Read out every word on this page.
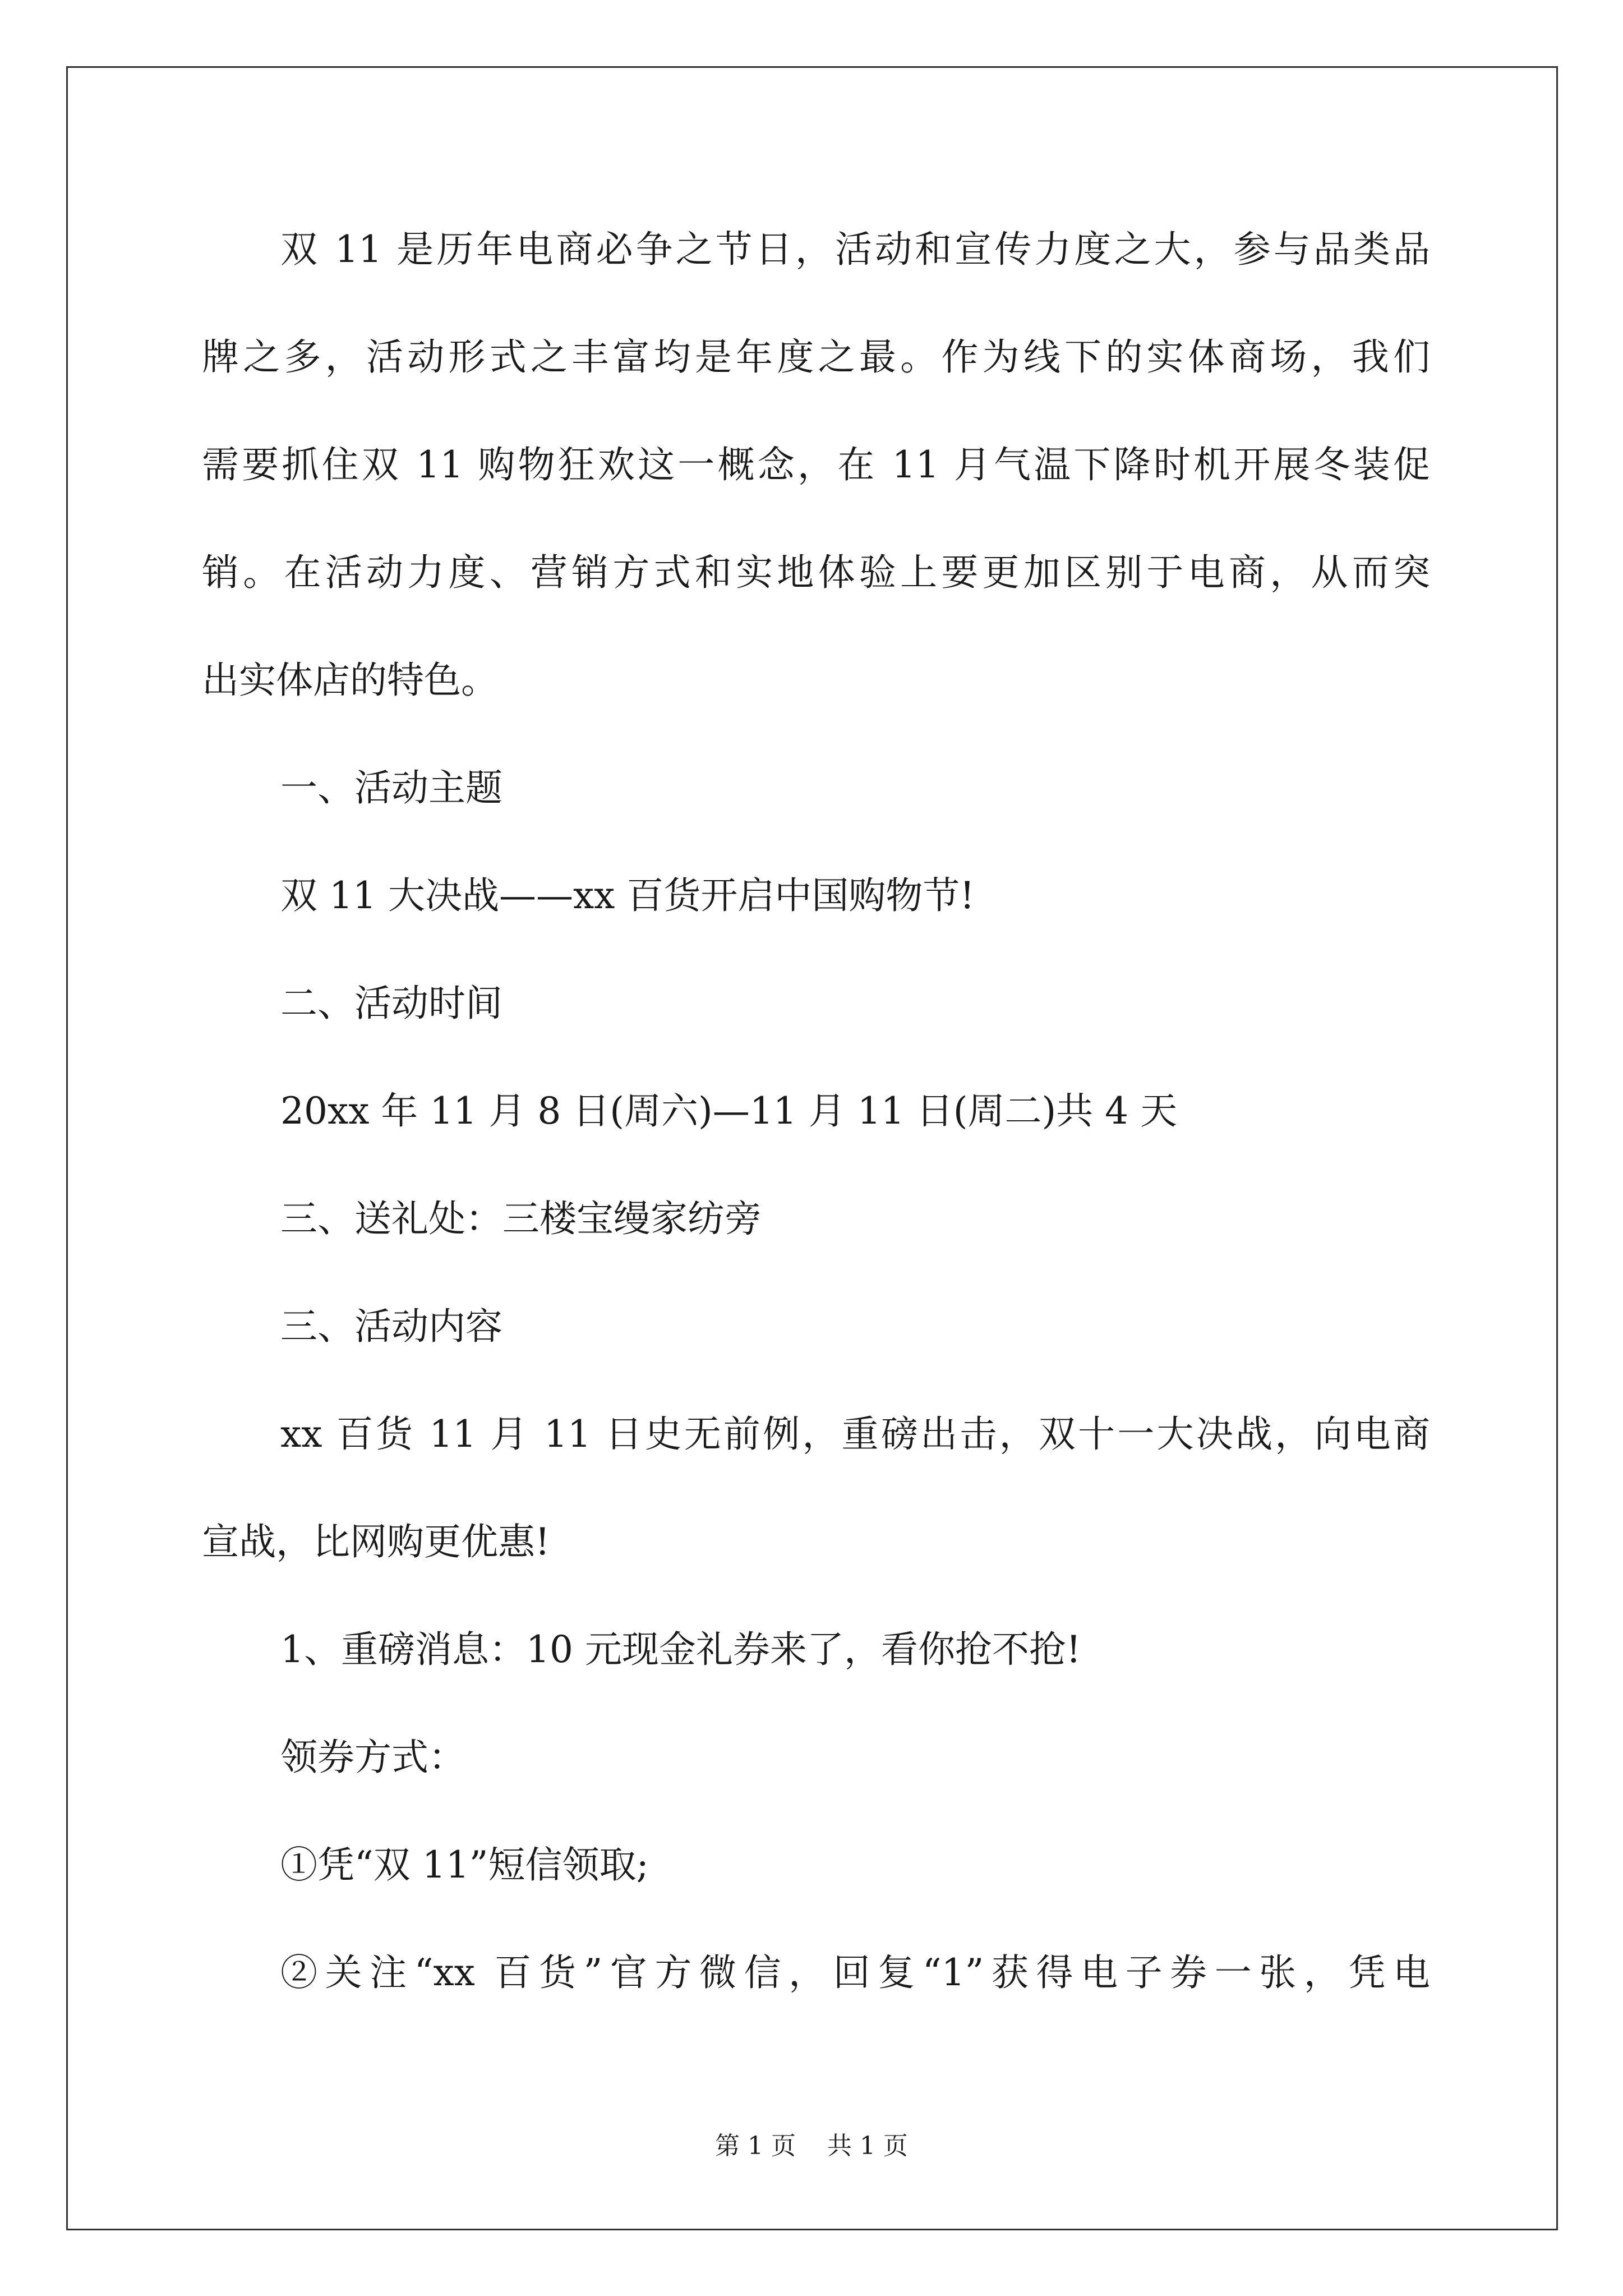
双 11 是历年电商必争之节日，活动和宣传力度之大，参与品类品
牌之多，活动形式之丰富均是年度之最。作为线下的实体商场，我们
需要抓住双 11 购物狂欢这一概念，在 11 月气温下降时机开展冬装促
销。在活动力度、营销方式和实地体验上要更加区别于电商，从而突
出实体店的特色。
一、活动主题
双 11 大决战——xx 百货开启中国购物节!
二、活动时间
20xx 年 11 月 8 日(周六)—11 月 11 日(周二)共 4 天
三、送礼处：三楼宝缦家纺旁
三、活动内容
xx 百货 11 月 11 日史无前例，重磅出击，双十一大决战，向电商
宣战，比网购更优惠!
1、重磅消息：10 元现金礼券来了，看你抢不抢!
领券方式：
①凭“双 11”短信领取;
②关注“xx 百货”官方微信，回复“1”获得电子券一张，凭电
第 1 页 共 1 页
